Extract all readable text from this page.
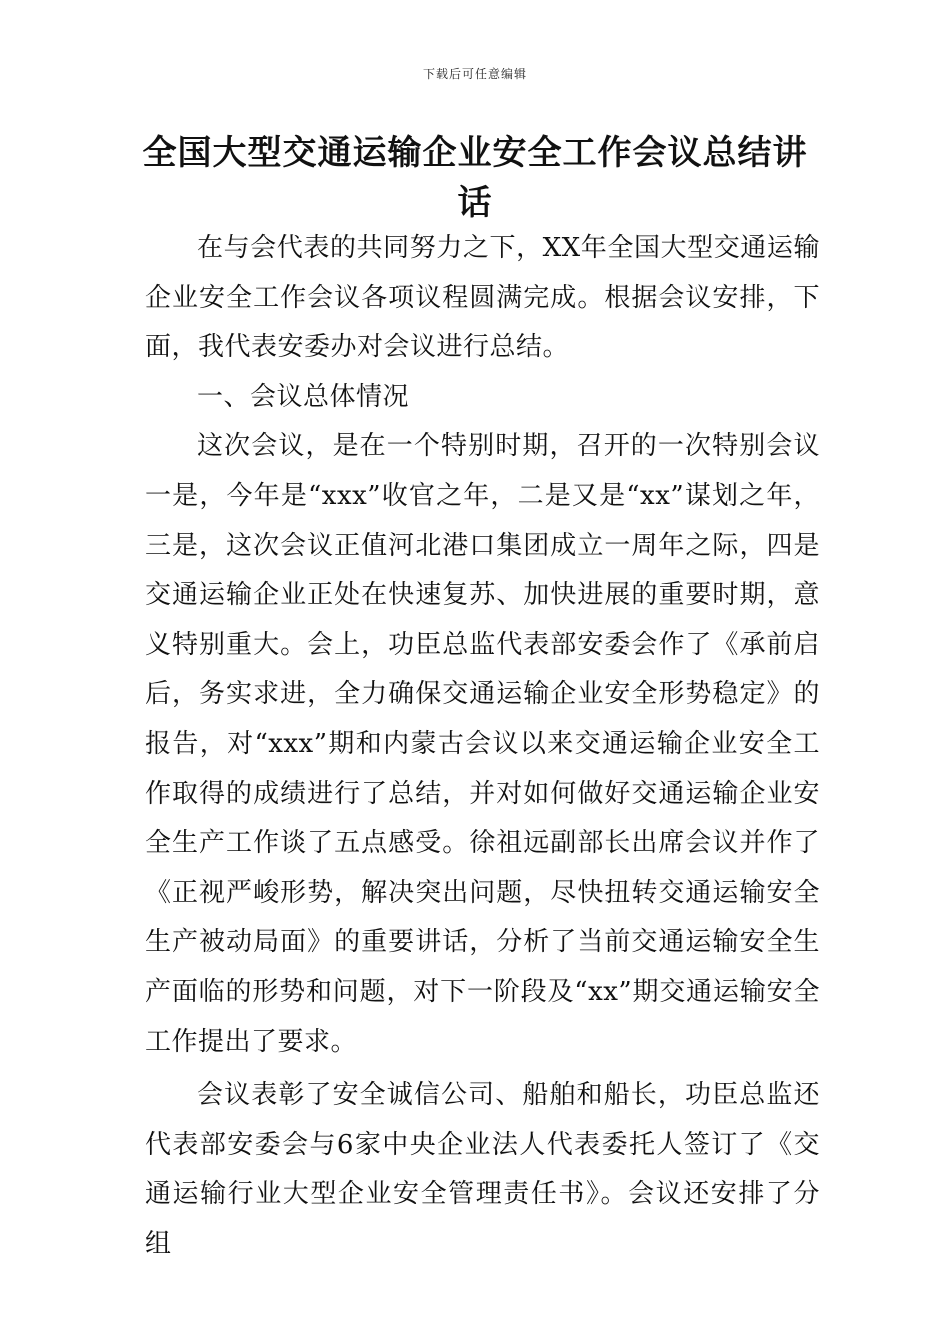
下载后可任意编辑
全国大型交通运输企业安全工作会议总结讲话

在与会代表的共同努力之下，XX年全国大型交通运输企业安全工作会议各项议程圆满完成。根据会议安排，下面，我代表安委办对会议进行总结。

一、会议总体情况

这次会议，是在一个特别时期，召开的一次特别会议一是，今年是“xxx”收官之年，二是又是“xx”谋划之年，三是，这次会议正值河北港口集团成立一周年之际，四是交通运输企业正处在快速复苏、加快进展的重要时期，意义特别重大。会上，功臣总监代表部安委会作了《承前启后，务实求进，全力确保交通运输企业安全形势稳定》的报告，对“xxx”期和内蒙古会议以来交通运输企业安全工作取得的成绩进行了总结，并对如何做好交通运输企业安全生产工作谈了五点感受。徐祖远副部长出席会议并作了《正视严峻形势，解决突出问题，尽快扭转交通运输安全生产被动局面》的重要讲话，分析了当前交通运输安全生产面临的形势和问题，对下一阶段及“xx”期交通运输安全工作提出了要求。

会议表彰了安全诚信公司、船舶和船长，功臣总监还代表部安委会与6家中央企业法人代表委托人签订了《交通运输行业大型企业安全管理责任书》。会议还安排了分组
